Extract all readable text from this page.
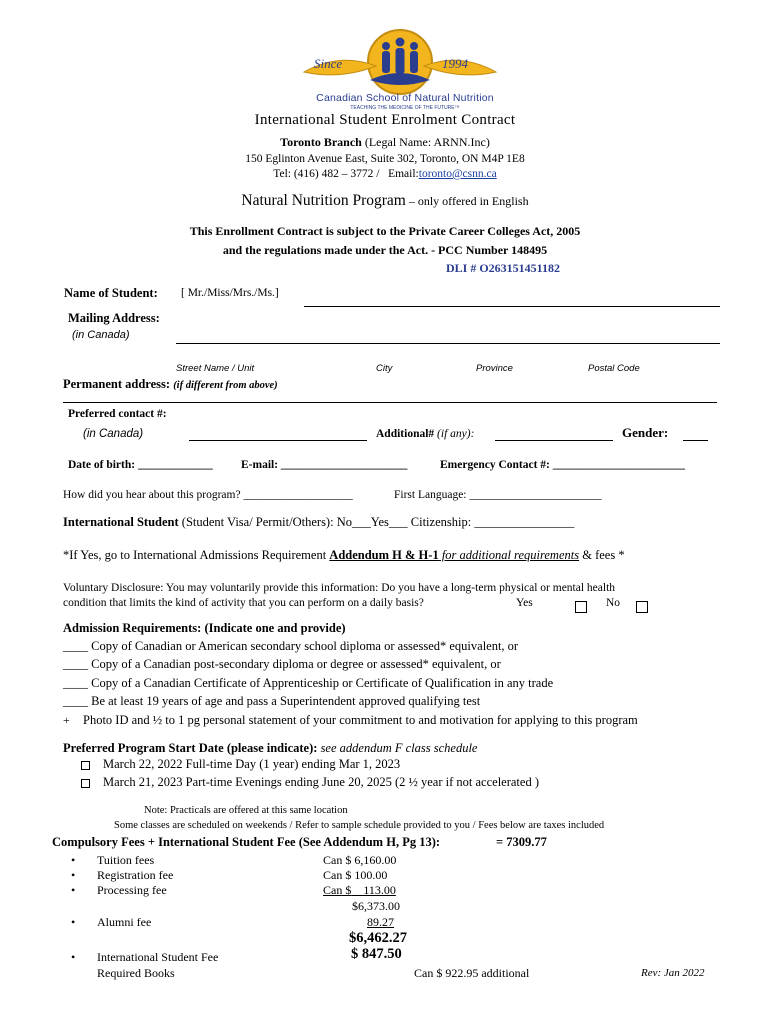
Since	1994
Canadian School of Natural Nutrition
TEACHING THE MEDICINE OF THE FUTURE™
International Student Enrolment Contract
Toronto Branch (Legal Name: ARNN.Inc)
150 Eglinton Avenue East, Suite 302, Toronto, ON M4P 1E8
Tel: (416) 482 – 3772 / Email:toronto@csnn.ca
Natural Nutrition Program – only offered in English
This Enrollment Contract is subject to the Private Career Colleges Act, 2005
and the regulations made under the Act. - PCC Number 148495
DLI # O263151451182
Name of Student: [ Mr./Miss/Mrs./Ms.]
Mailing Address:
(in Canada)
Street Name / Unit	City	Province	Postal Code
Permanent address: (if different from above)
Preferred contact #:
(in Canada)	Additional# (if any):	Gender:
Date of birth: _____________ E-mail: ______________________	Emergency Contact #: _______________________
How did you hear about this program? ___________________	First Language: _______________________
International Student (Student Visa/ Permit/Others): No___Yes___ Citizenship: ________________
*If Yes, go to International Admissions Requirement Addendum H & H-1 for additional requirements & fees *
Voluntary Disclosure: You may voluntarily provide this information: Do you have a long-term physical or mental health
condition that limits the kind of activity that you can perform on a daily basis?	Yes	No
Admission Requirements: (Indicate one and provide)
____ Copy of Canadian or American secondary school diploma or assessed* equivalent, or
____ Copy of a Canadian post-secondary diploma or degree or assessed* equivalent, or
____ Copy of a Canadian Certificate of Apprenticeship or Certificate of Qualification in any trade
____ Be at least 19 years of age and pass a Superintendent approved qualifying test
+ Photo ID and ½ to 1 pg personal statement of your commitment to and motivation for applying to this program
Preferred Program Start Date (please indicate): see addendum F class schedule
March 22, 2022 Full-time Day (1 year) ending Mar 1, 2023
March 21, 2023 Part-time Evenings ending June 20, 2025 (2 ½ year if not accelerated )
Note: Practicals are offered at this same location
Some classes are scheduled on weekends / Refer to sample schedule provided to you / Fees below are taxes included
Compulsory Fees + International Student Fee (See Addendum H, Pg 13):	= 7309.77
• Tuition fees	Can $ 6,160.00
• Registration fee	Can $ 100.00
• Processing fee	Can $    113.00
$6,373.00
• Alumni fee	89.27
$6,462.27
• International Student Fee	$ 847.50
Required Books	Can $ 922.95 additional	Rev: Jan 2022
